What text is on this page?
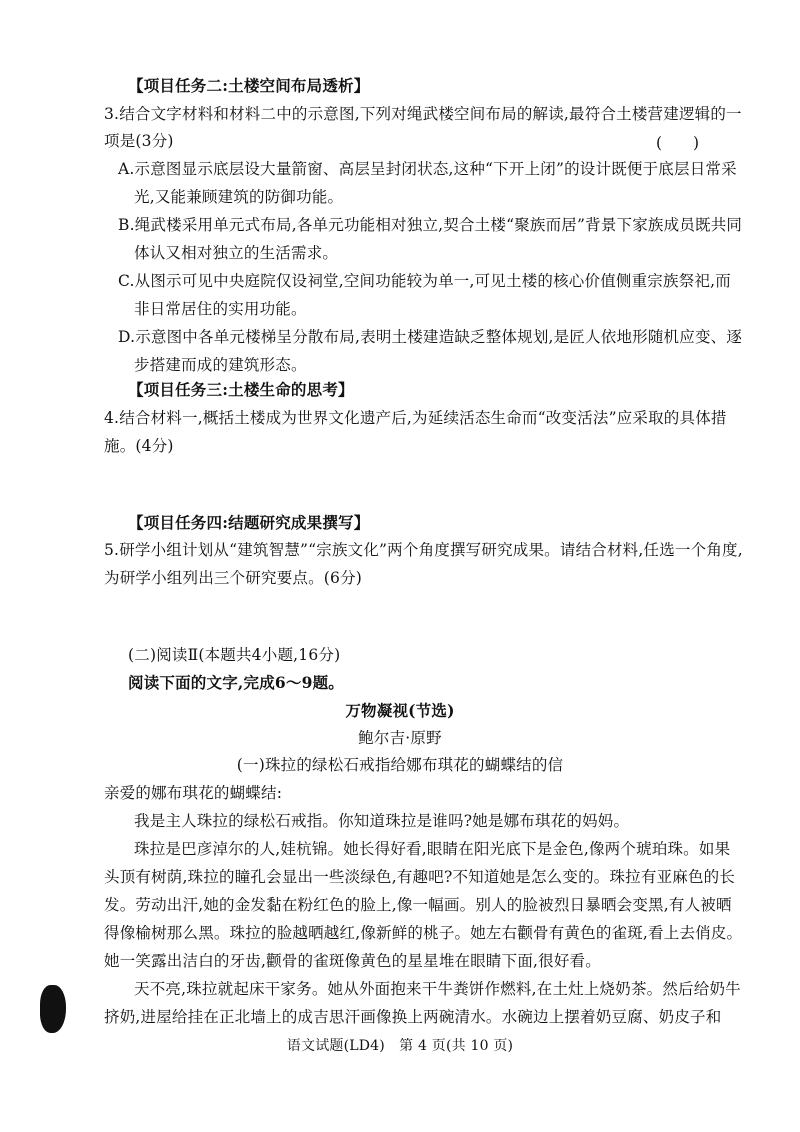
【项目任务二:土楼空间布局透析】
3.结合文字材料和材料二中的示意图,下列对绳武楼空间布局的解读,最符合土楼营建逻辑的一
项是(3分)	(　　)
A.示意图显示底层设大量箭窗、高层呈封闭状态,这种“下开上闭”的设计既便于底层日常采
光,又能兼顾建筑的防御功能。
B.绳武楼采用单元式布局,各单元功能相对独立,契合土楼“聚族而居”背景下家族成员既共同
体认又相对独立的生活需求。
C.从图示可见中央庭院仅设祠堂,空间功能较为单一,可见土楼的核心价值侧重宗族祭祀,而
非日常居住的实用功能。
D.示意图中各单元楼梯呈分散布局,表明土楼建造缺乏整体规划,是匠人依地形随机应变、逐
步搭建而成的建筑形态。
【项目任务三:土楼生命的思考】
4.结合材料一,概括土楼成为世界文化遗产后,为延续活态生命而“改变活法”应采取的具体措
施。(4分)
【项目任务四:结题研究成果撰写】
5.研学小组计划从“建筑智慧”“宗族文化”两个角度撰写研究成果。请结合材料,任选一个角度,
为研学小组列出三个研究要点。(6分)
(二)阅读Ⅱ(本题共4小题,16分)
阅读下面的文字,完成6～9题。
万物凝视(节选)
鲍尔吉·原野
(一)珠拉的绿松石戒指给娜布琪花的蝴蝶结的信
亲爱的娜布琪花的蝴蝶结:
我是主人珠拉的绿松石戒指。你知道珠拉是谁吗?她是娜布琪花的妈妈。
珠拉是巴彦淖尔的人,娃杭锦。她长得好看,眼睛在阳光底下是金色,像两个琥珀珠。如果
头顶有树荫,珠拉的瞳孔会显出一些淡绿色,有趣吧?不知道她是怎么变的。珠拉有亚麻色的长
发。劳动出汗,她的金发黏在粉红色的脸上,像一幅画。别人的脸被烈日暴晒会变黑,有人被晒
得像榆树那么黑。珠拉的脸越晒越红,像新鲜的桃子。她左右颧骨有黄色的雀斑,看上去俏皮。
她一笑露出洁白的牙齿,颧骨的雀斑像黄色的星星堆在眼睛下面,很好看。
天不亮,珠拉就起床干家务。她从外面抱来干牛粪饼作燃料,在土灶上烧奶茶。然后给奶牛
挤奶,进屋给挂在正北墙上的成吉思汗画像换上两碗清水。水碗边上摆着奶豆腐、奶皮子和
语文试题(LD4)　第 4 页(共 10 页)
